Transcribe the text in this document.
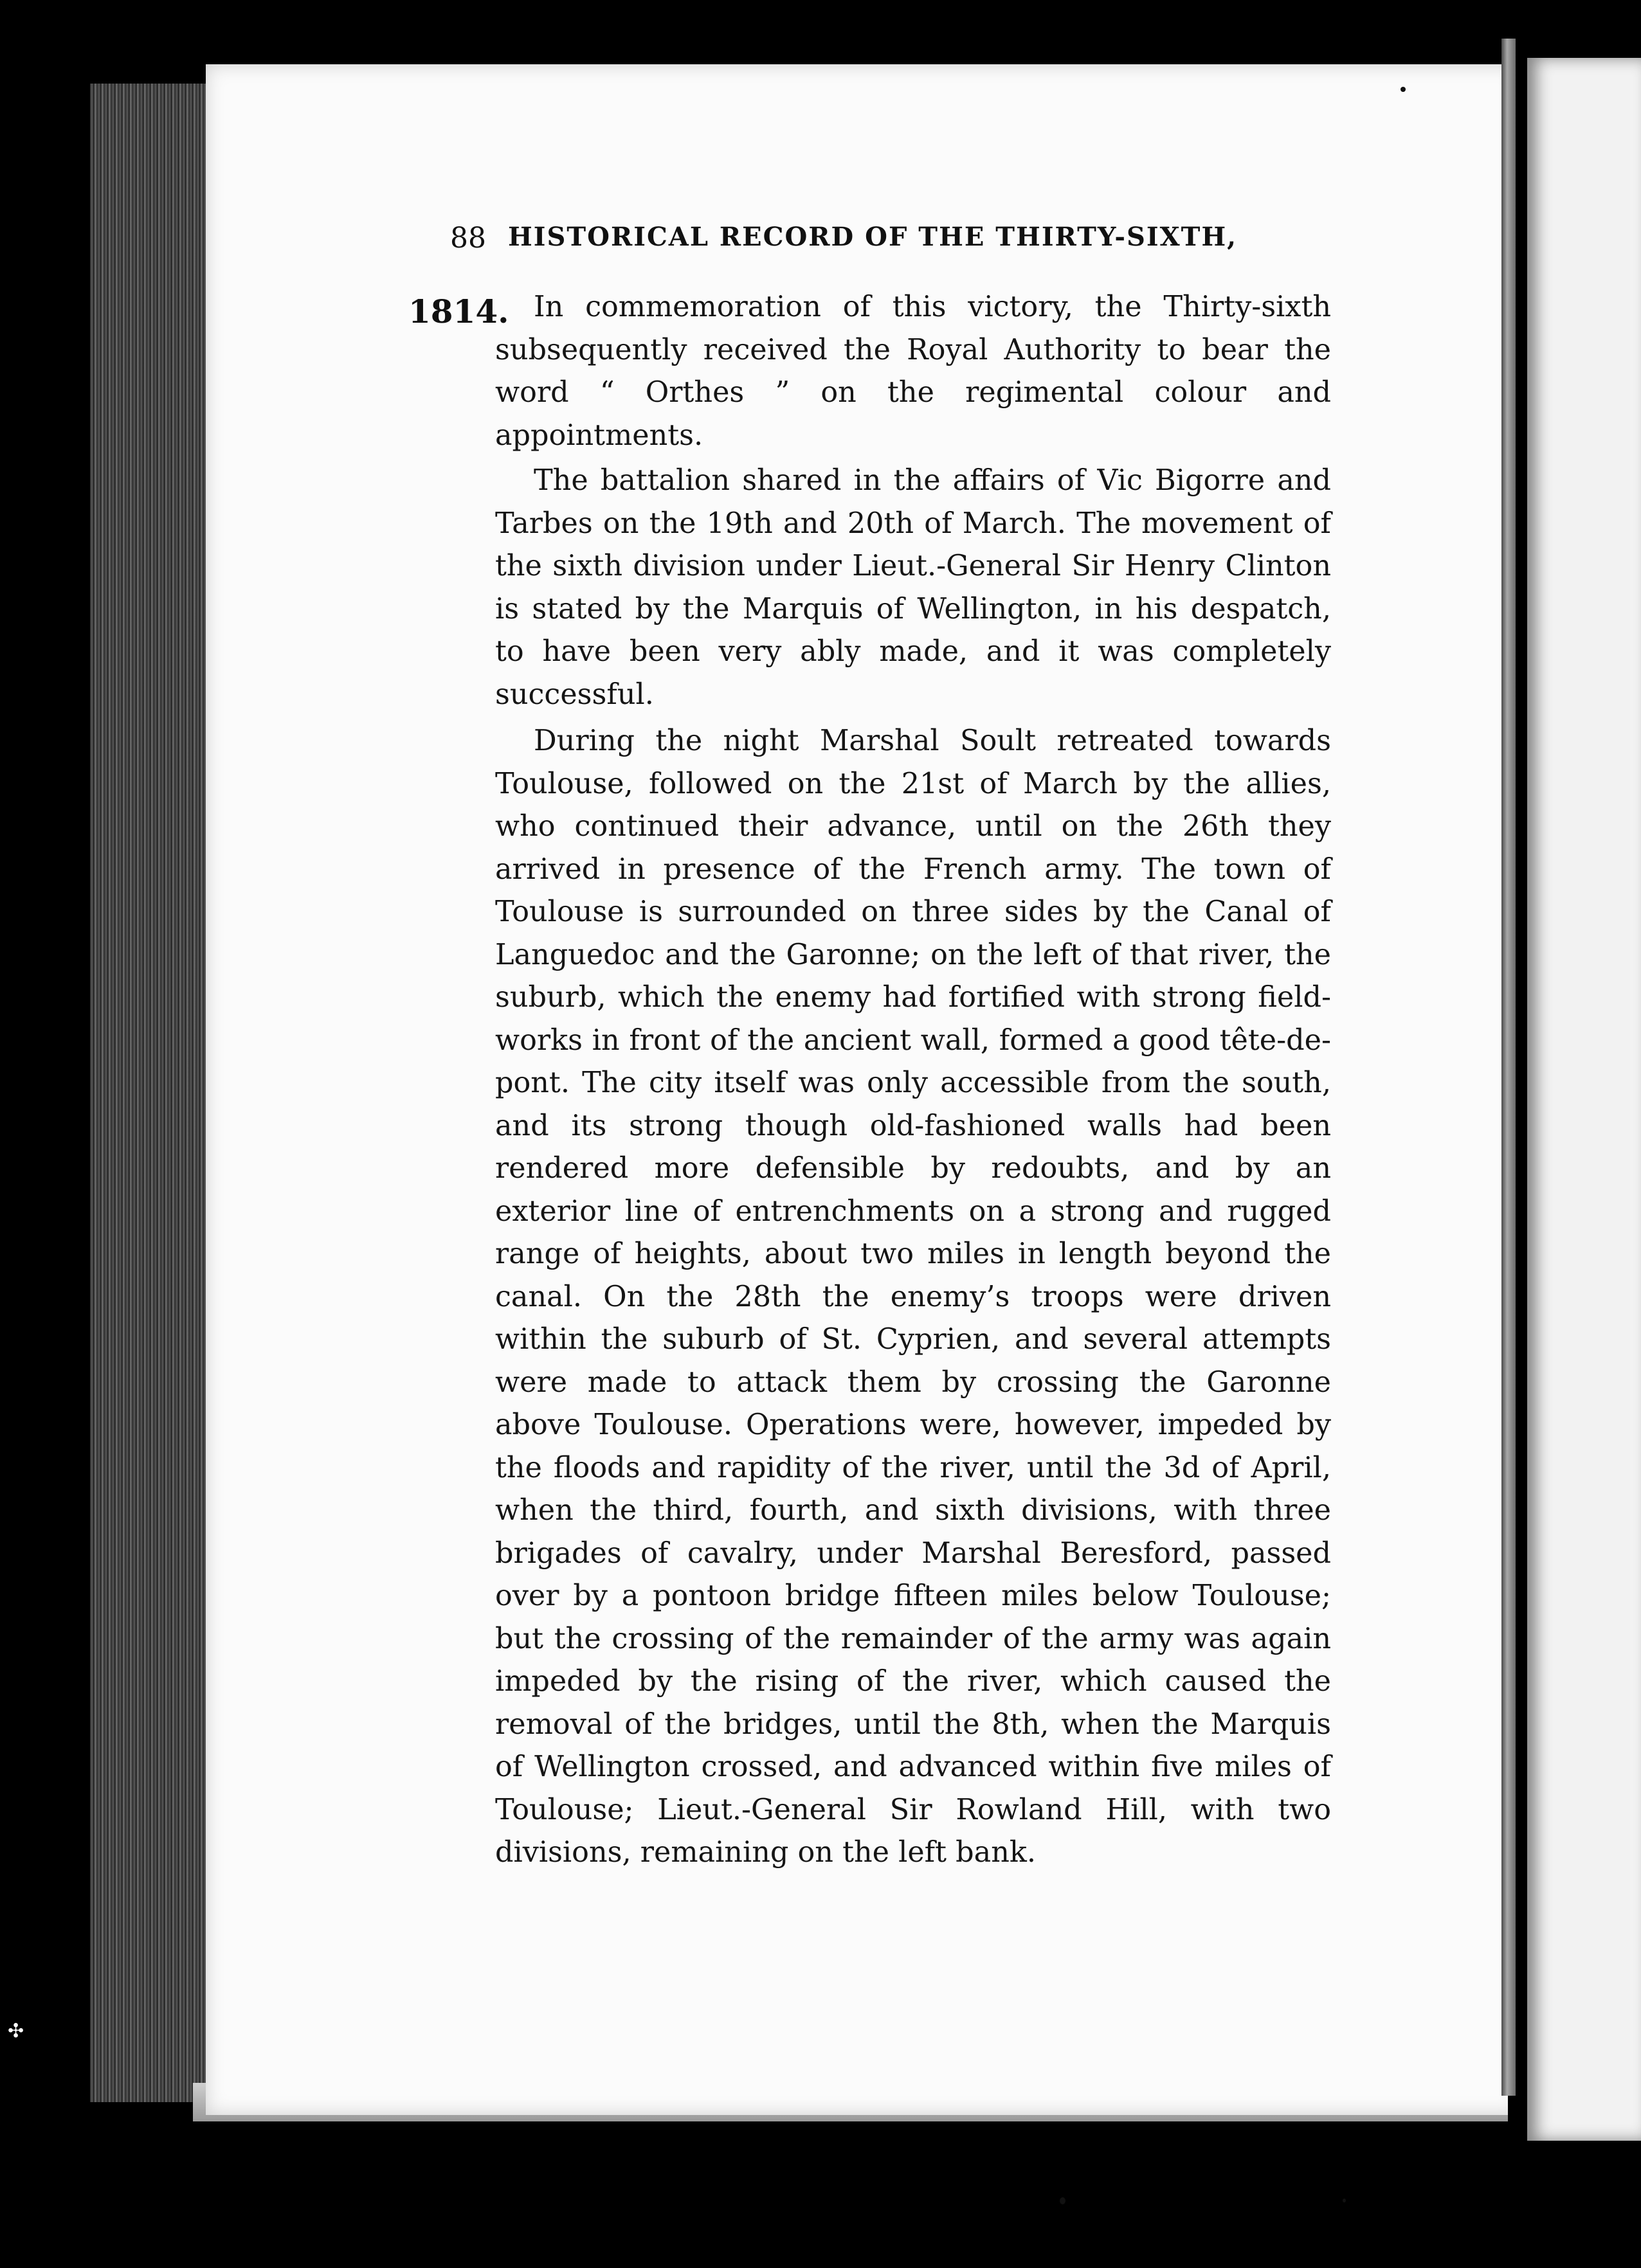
88 HISTORICAL RECORD OF THE THIRTY-SIXTH,
1814. In commemoration of this victory, the Thirty-sixth subsequently received the Royal Authority to bear the word “ Orthes ” on the regimental colour and appointments.

The battalion shared in the affairs of Vic Bigorre and Tarbes on the 19th and 20th of March. The movement of the sixth division under Lieut.-General Sir Henry Clinton is stated by the Marquis of Wellington, in his despatch, to have been very ably made, and it was completely successful.

During the night Marshal Soult retreated towards Toulouse, followed on the 21st of March by the allies, who continued their advance, until on the 26th they arrived in presence of the French army. The town of Toulouse is surrounded on three sides by the Canal of Languedoc and the Garonne; on the left of that river, the suburb, which the enemy had fortified with strong field-works in front of the ancient wall, formed a good tête-de-pont. The city itself was only accessible from the south, and its strong though old-fashioned walls had been rendered more defensible by redoubts, and by an exterior line of entrenchments on a strong and rugged range of heights, about two miles in length beyond the canal. On the 28th the enemy’s troops were driven within the suburb of St. Cyprien, and several attempts were made to attack them by crossing the Garonne above Toulouse. Operations were, however, impeded by the floods and rapidity of the river, until the 3d of April, when the third, fourth, and sixth divisions, with three brigades of cavalry, under Marshal Beresford, passed over by a pontoon bridge fifteen miles below Toulouse; but the crossing of the remainder of the army was again impeded by the rising of the river, which caused the removal of the bridges, until the 8th, when the Marquis of Wellington crossed, and advanced within five miles of Toulouse; Lieut.-General Sir Rowland Hill, with two divisions, remaining on the left bank.

✣
